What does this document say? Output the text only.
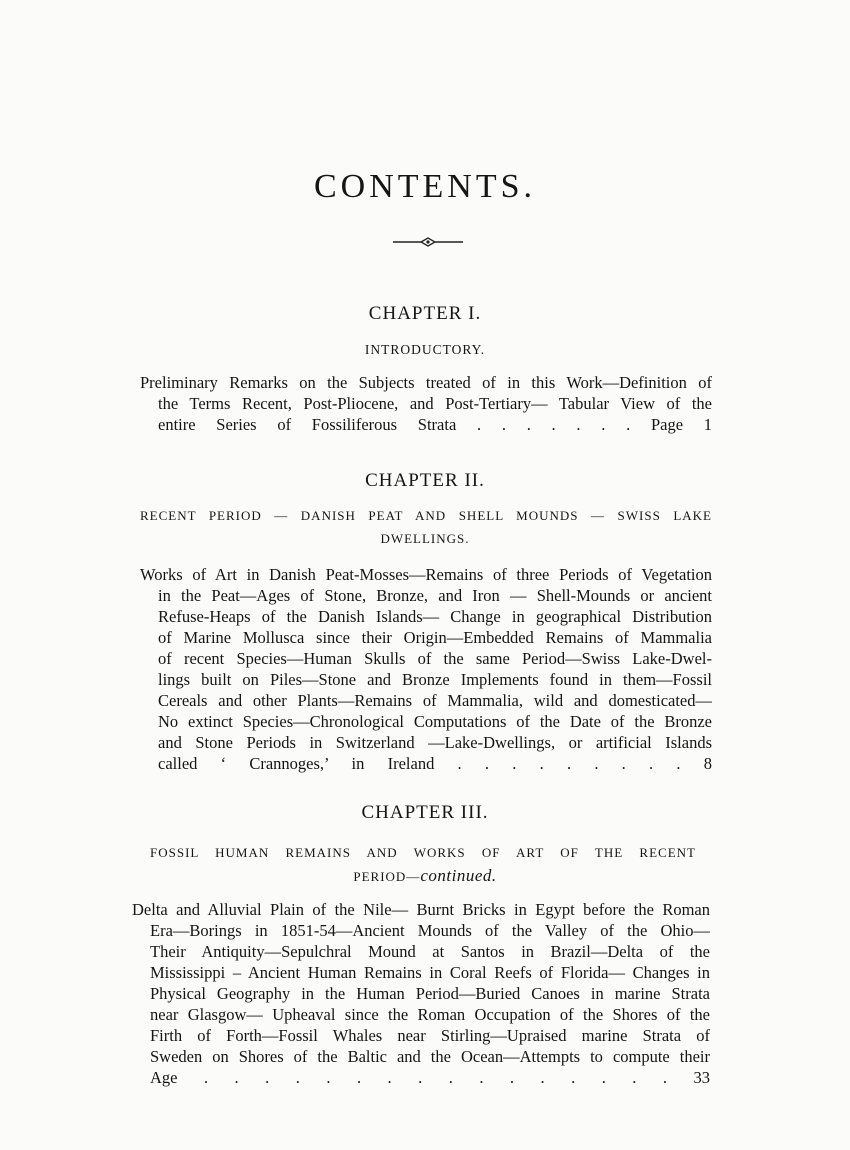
CONTENTS.
CHAPTER I.
INTRODUCTORY.
Preliminary Remarks on the Subjects treated of in this Work—Definition of
the Terms Recent, Post-Pliocene, and Post-Tertiary— Tabular View of the
entire Series of Fossiliferous Strata . . . . . . . Page 1
CHAPTER II.
RECENT PERIOD — DANISH PEAT AND SHELL MOUNDS — SWISS LAKE
DWELLINGS.
Works of Art in Danish Peat-Mosses—Remains of three Periods of Vegetation
in the Peat—Ages of Stone, Bronze, and Iron — Shell-Mounds or ancient
Refuse-Heaps of the Danish Islands— Change in geographical Distribution
of Marine Mollusca since their Origin—Embedded Remains of Mammalia
of recent Species—Human Skulls of the same Period—Swiss Lake-Dwel-
lings built on Piles—Stone and Bronze Implements found in them—Fossil
Cereals and other Plants—Remains of Mammalia, wild and domesticated—
No extinct Species—Chronological Computations of the Date of the Bronze
and Stone Periods in Switzerland —Lake-Dwellings, or artificial Islands
called ‘ Crannoges,’ in Ireland . . . . . . . . . 8
CHAPTER III.
FOSSIL HUMAN REMAINS AND WORKS OF ART OF THE RECENT
PERIOD—continued.
Delta and Alluvial Plain of the Nile— Burnt Bricks in Egypt before the Roman
Era—Borings in 1851-54—Ancient Mounds of the Valley of the Ohio—
Their Antiquity—Sepulchral Mound at Santos in Brazil—Delta of the
Mississippi – Ancient Human Remains in Coral Reefs of Florida— Changes in
Physical Geography in the Human Period—Buried Canoes in marine Strata
near Glasgow— Upheaval since the Roman Occupation of the Shores of the
Firth of Forth—Fossil Whales near Stirling—Upraised marine Strata of
Sweden on Shores of the Baltic and the Ocean—Attempts to compute their
Age . . . . . . . . . . . . . . . . 33
